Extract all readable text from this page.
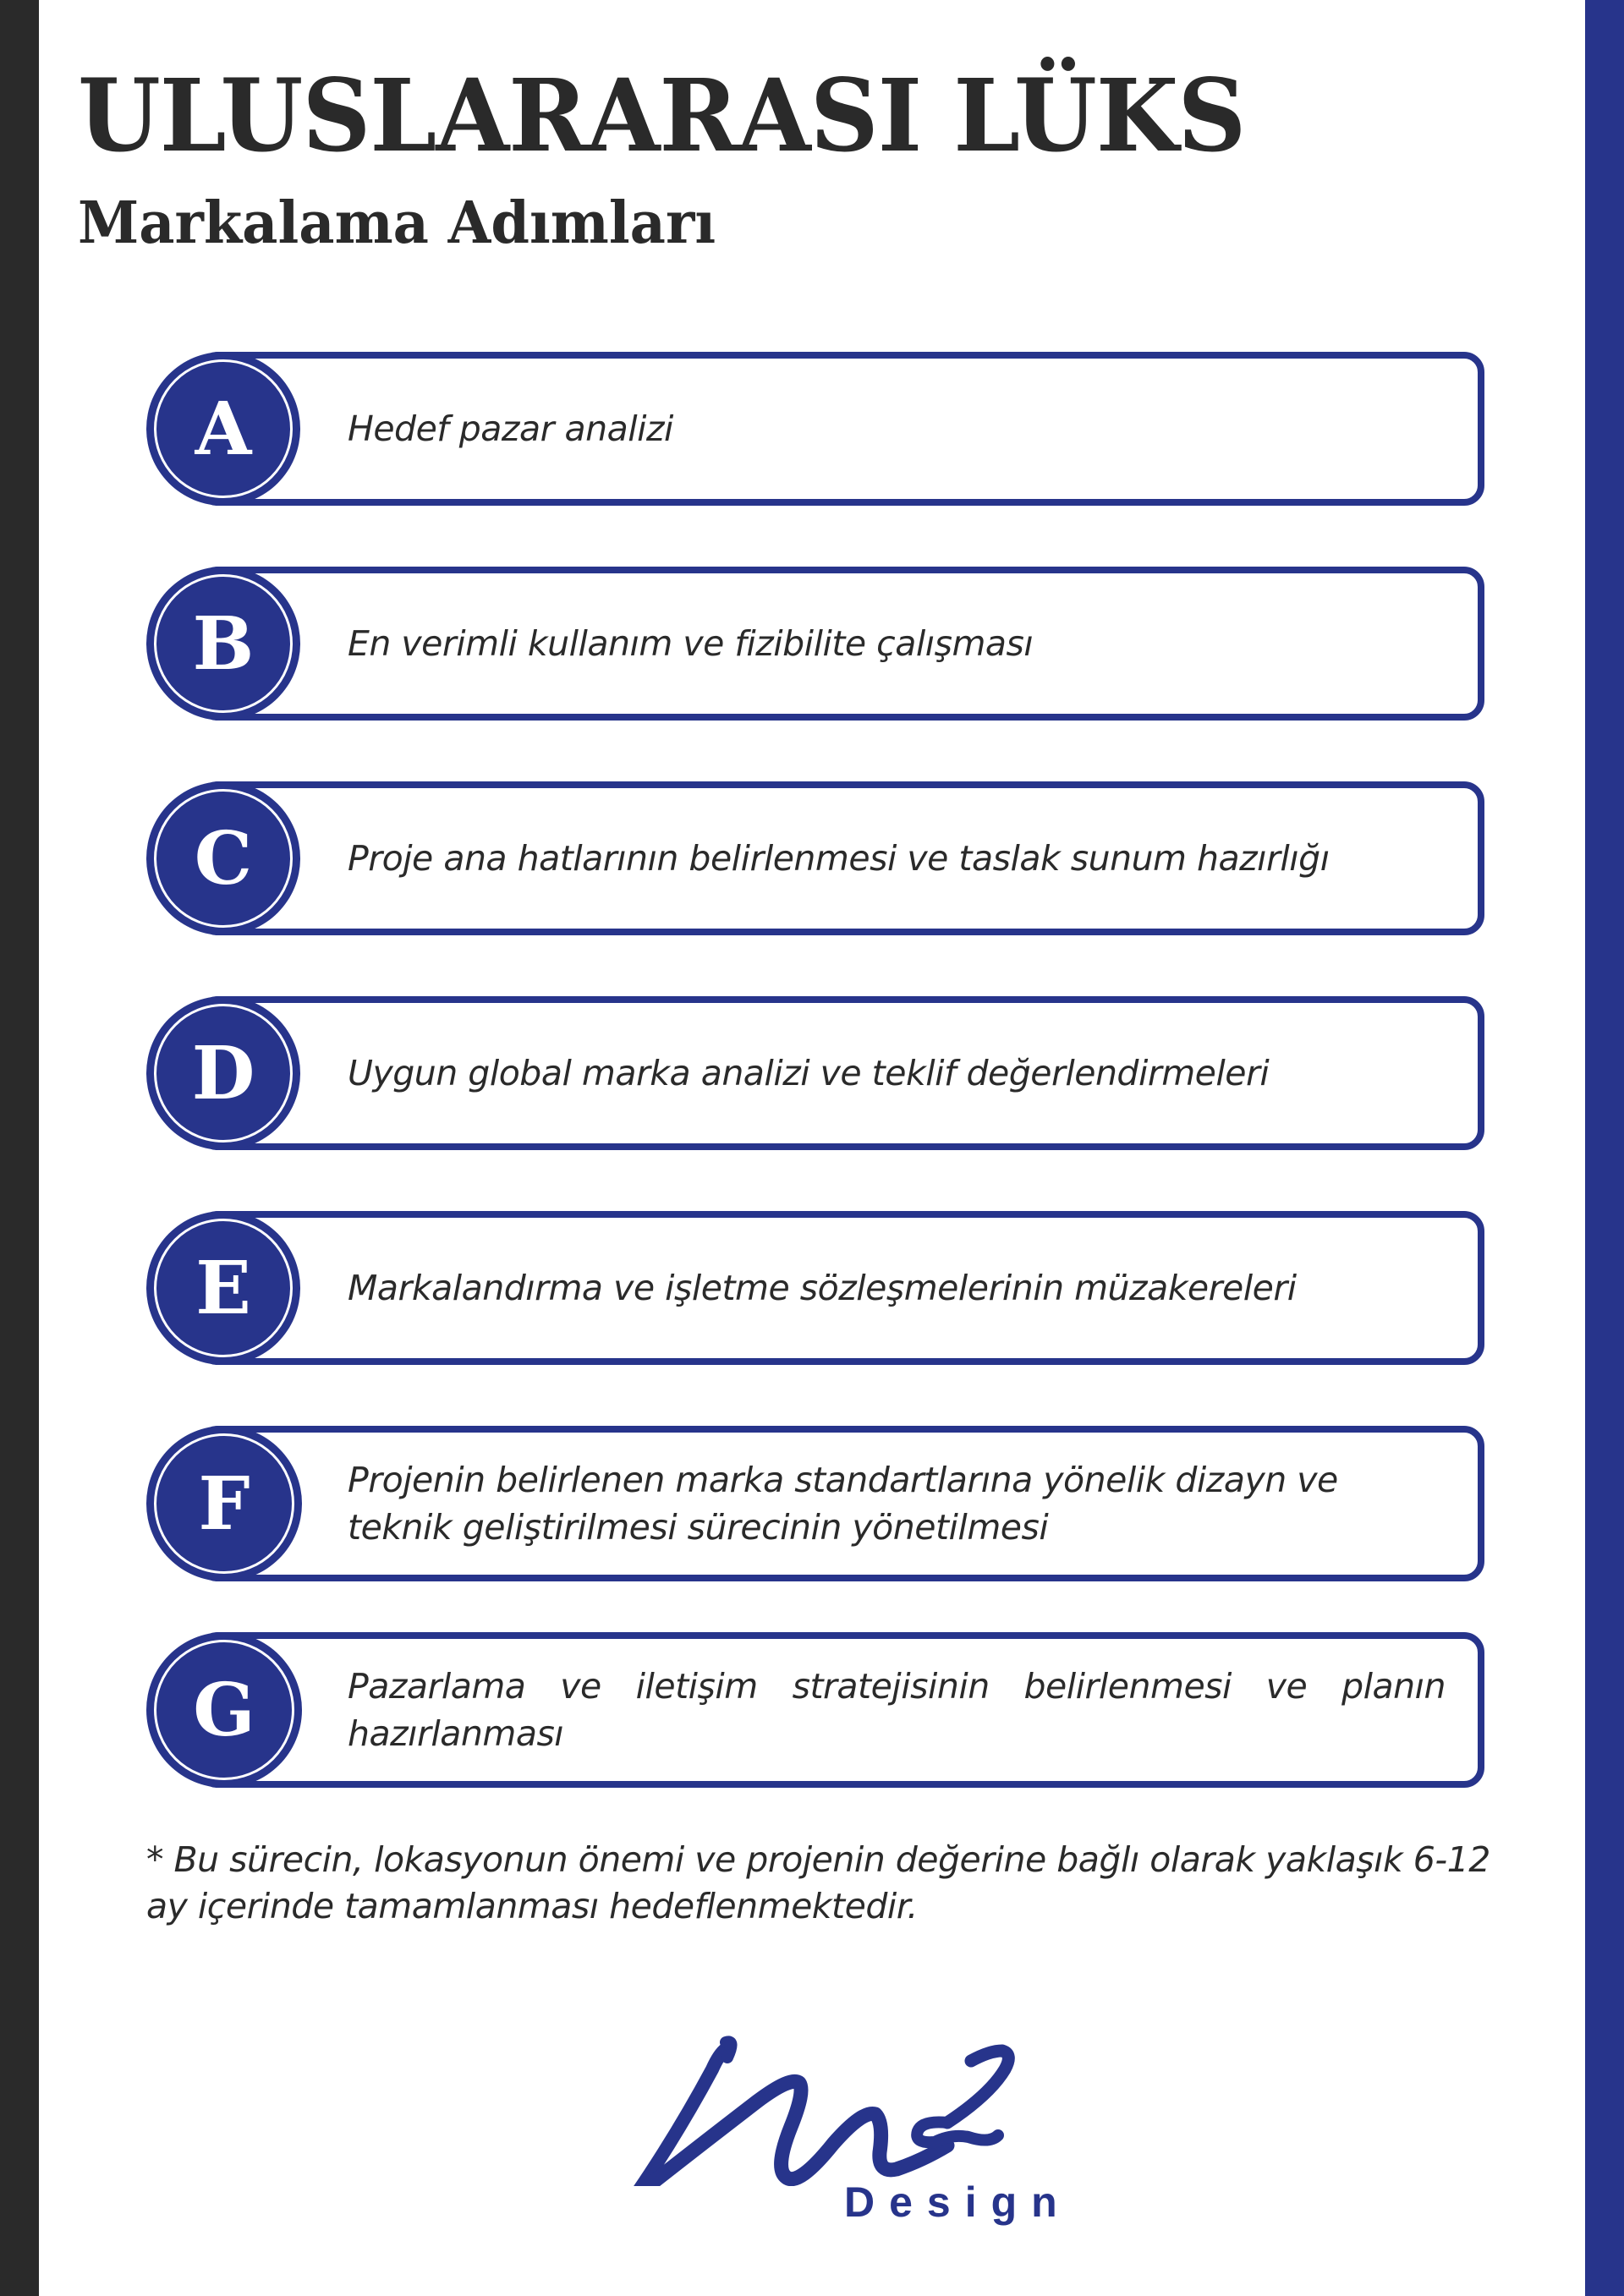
ULUSLARARASI LÜKS
Markalama Adımları
A	Hedef pazar analizi
B	En verimli kullanım ve fizibilite çalışması
C	Proje ana hatlarının belirlenmesi ve taslak sunum hazırlığı
D	Uygun global marka analizi ve teklif değerlendirmeleri
E	Markalandırma ve işletme sözleşmelerinin müzakereleri
F	Projenin belirlenen marka standartlarına yönelik dizayn ve teknik geliştirilmesi sürecinin yönetilmesi
G	Pazarlama ve iletişim stratejisinin belirlenmesi ve planın hazırlanması

* Bu sürecin, lokasyonun önemi ve projenin değerine bağlı olarak yaklaşık 6-12 ay içerinde tamamlanması hedeflenmektedir.

Design
